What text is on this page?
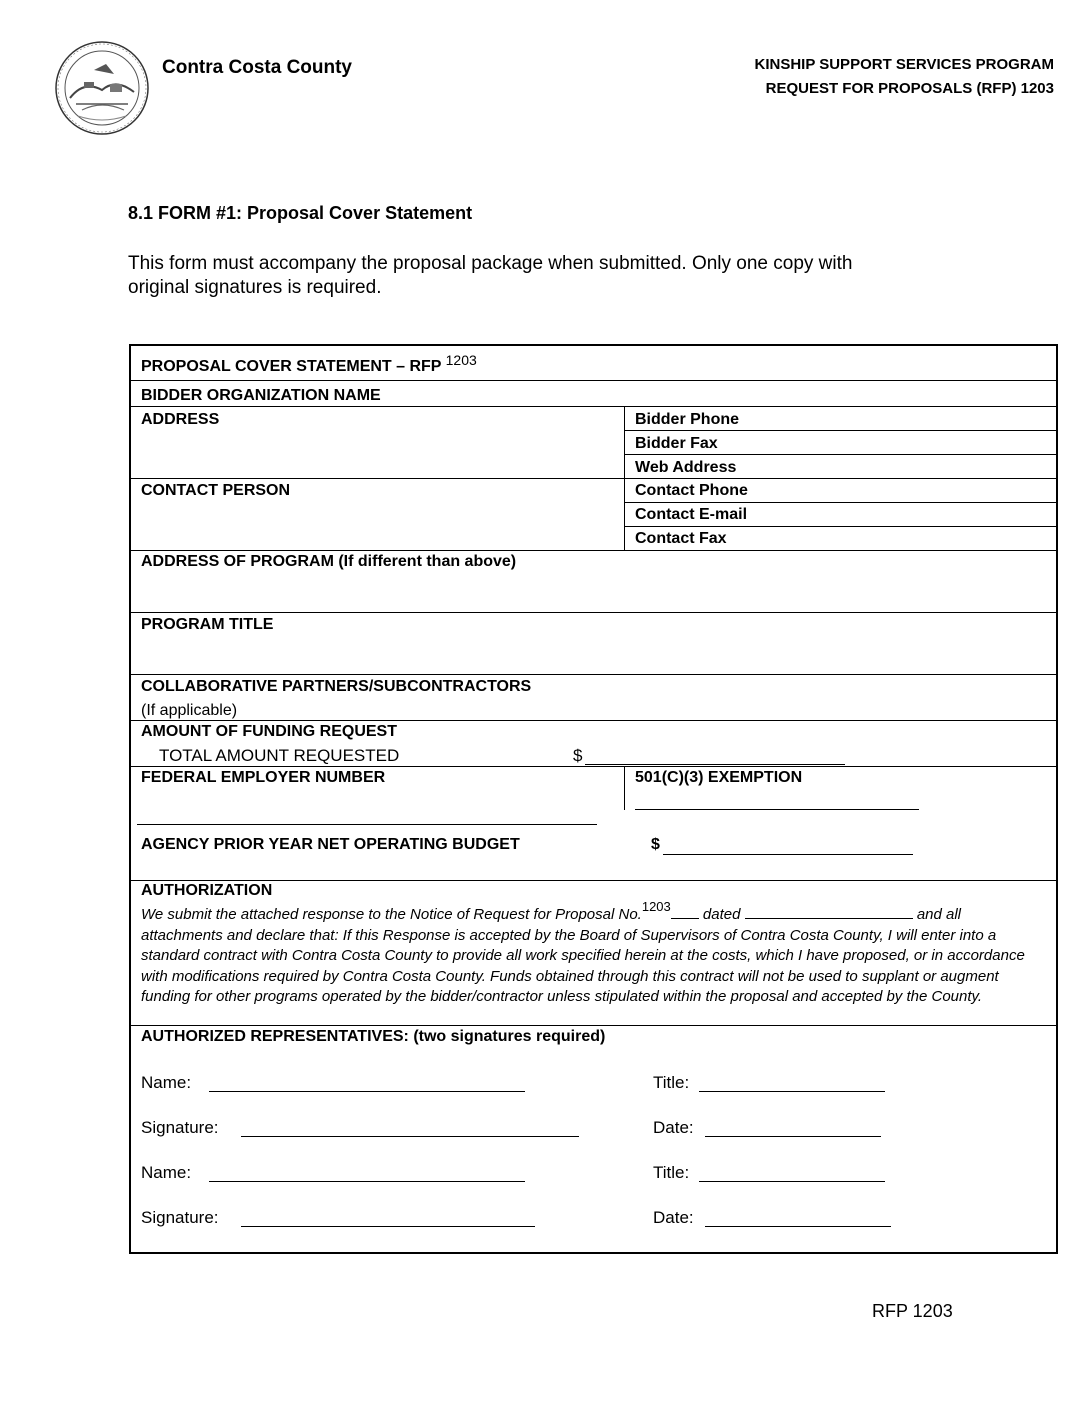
Contra Costa County	KINSHIP SUPPORT SERVICES PROGRAM
REQUEST FOR PROPOSALS (RFP) 1203
8.1 FORM #1: Proposal Cover Statement
This form must accompany the proposal package when submitted. Only one copy with
original signatures is required.
PROPOSAL COVER STATEMENT – RFP 1203
BIDDER ORGANIZATION NAME
ADDRESS	Bidder Phone
Bidder Fax
Web Address
CONTACT PERSON	Contact Phone
Contact E-mail
Contact Fax
ADDRESS OF PROGRAM (If different than above)
PROGRAM TITLE
COLLABORATIVE PARTNERS/SUBCONTRACTORS
(If applicable)
AMOUNT OF FUNDING REQUEST
TOTAL AMOUNT REQUESTED	$
FEDERAL EMPLOYER NUMBER	501(C)(3) EXEMPTION
AGENCY PRIOR YEAR NET OPERATING BUDGET	$
AUTHORIZATION
We submit the attached response to the Notice of Request for Proposal No.1203 dated	and all attachments and declare that: If this Response is accepted by the Board of Supervisors of Contra Costa County, I will enter into a standard contract with Contra Costa County to provide all work specified herein at the costs, which I have proposed, or in accordance with modifications required by Contra Costa County. Funds obtained through this contract will not be used to supplant or augment funding for other programs operated by the bidder/contractor unless stipulated within the proposal and accepted by the County.
AUTHORIZED REPRESENTATIVES: (two signatures required)
Name:	Title:
Signature:	Date:
Name:	Title:
Signature:	Date:
RFP 1203
